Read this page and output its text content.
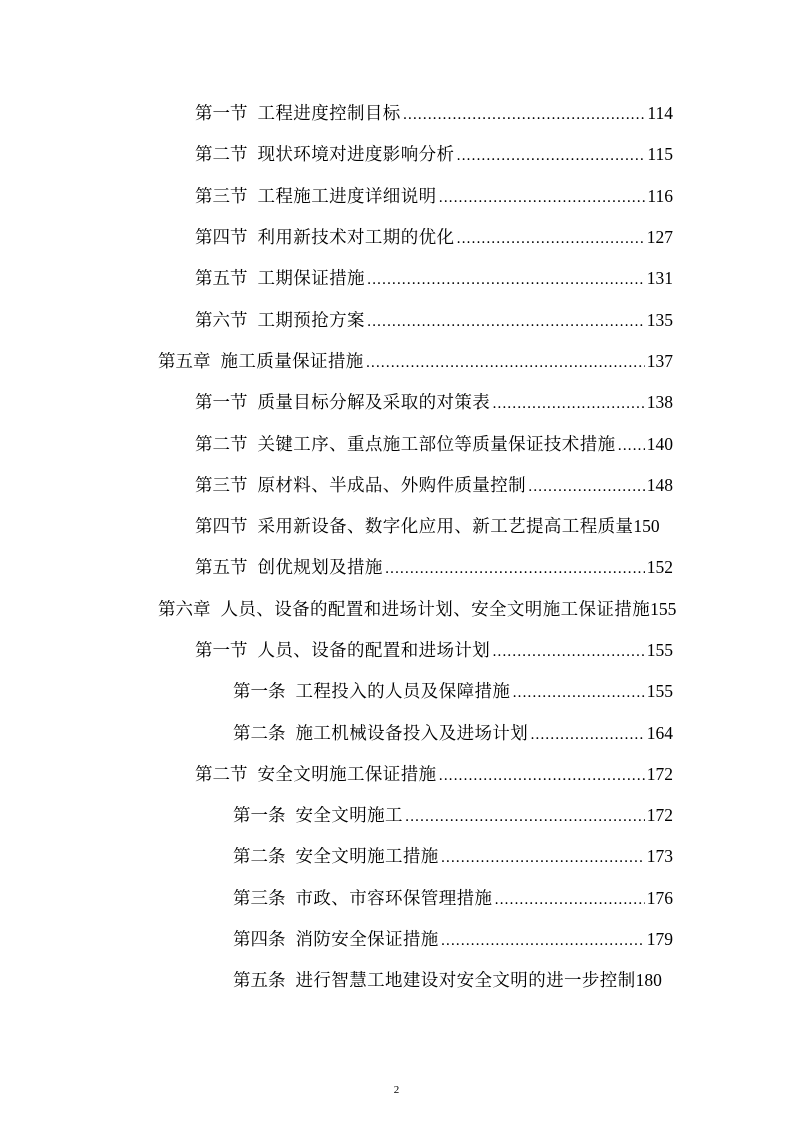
第一节 工程进度控制目标 .....	114
第二节 现状环境对进度影响分析 .....	115
第三节 工程施工进度详细说明 .....	116
第四节 利用新技术对工期的优化 .....	127
第五节 工期保证措施 .....	131
第六节 工期预抢方案 .....	135
第五章 施工质量保证措施 .....	137
第一节 质量目标分解及采取的对策表 .....	138
第二节 关键工序、重点施工部位等质量保证技术措施 ..... 140
第三节 原材料、半成品、外购件质量控制 .....	148
第四节 采用新设备、数字化应用、新工艺提高工程质量 150
第五节 创优规划及措施 .....	152
第六章 人员、设备的配置和进场计划、安全文明施工保证措施 155
第一节 人员、设备的配置和进场计划 .....	155
第一条 工程投入的人员及保障措施 .....	155
第二条 施工机械设备投入及进场计划 .....	164
第二节 安全文明施工保证措施 .....	172
第一条 安全文明施工 .....	172
第二条 安全文明施工措施 .....	173
第三条 市政、市容环保管理措施 .....	176
第四条 消防安全保证措施 .....	179
第五条 进行智慧工地建设对安全文明的进一步控制 180
2
